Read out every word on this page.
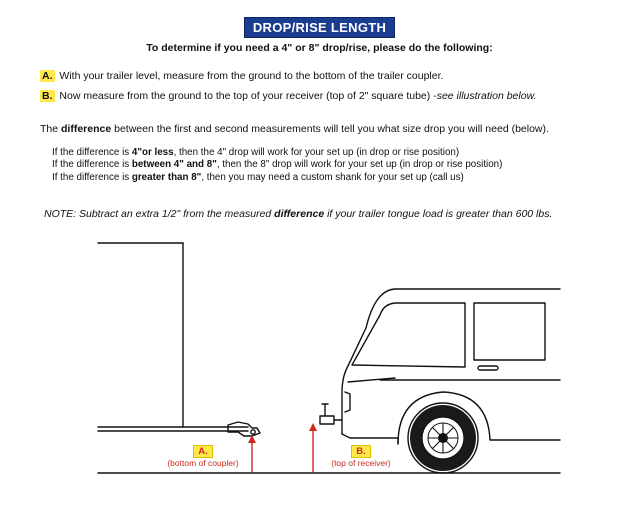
DROP/RISE LENGTH
To determine if you need a 4" or 8" drop/rise, please do the following:
A. With your trailer level, measure from the ground to the bottom of the trailer coupler.
B. Now measure from the ground to the top of your receiver (top of 2" square tube) -see illustration below.
The difference between the first and second measurements will tell you what size drop you will need (below).
If the difference is 4"or less, then the 4" drop will work for your set up (in drop or rise position)
If the difference is between 4" and 8", then the 8" drop will work for your set up (in drop or rise position)
If the difference is greater than 8", then you may need a custom shank for your set up (call us)
NOTE: Subtract an extra 1/2" from the measured difference if your trailer tongue load is greater than 600 lbs.
A.
(bottom of coupler)
B.
(top of receiver)
